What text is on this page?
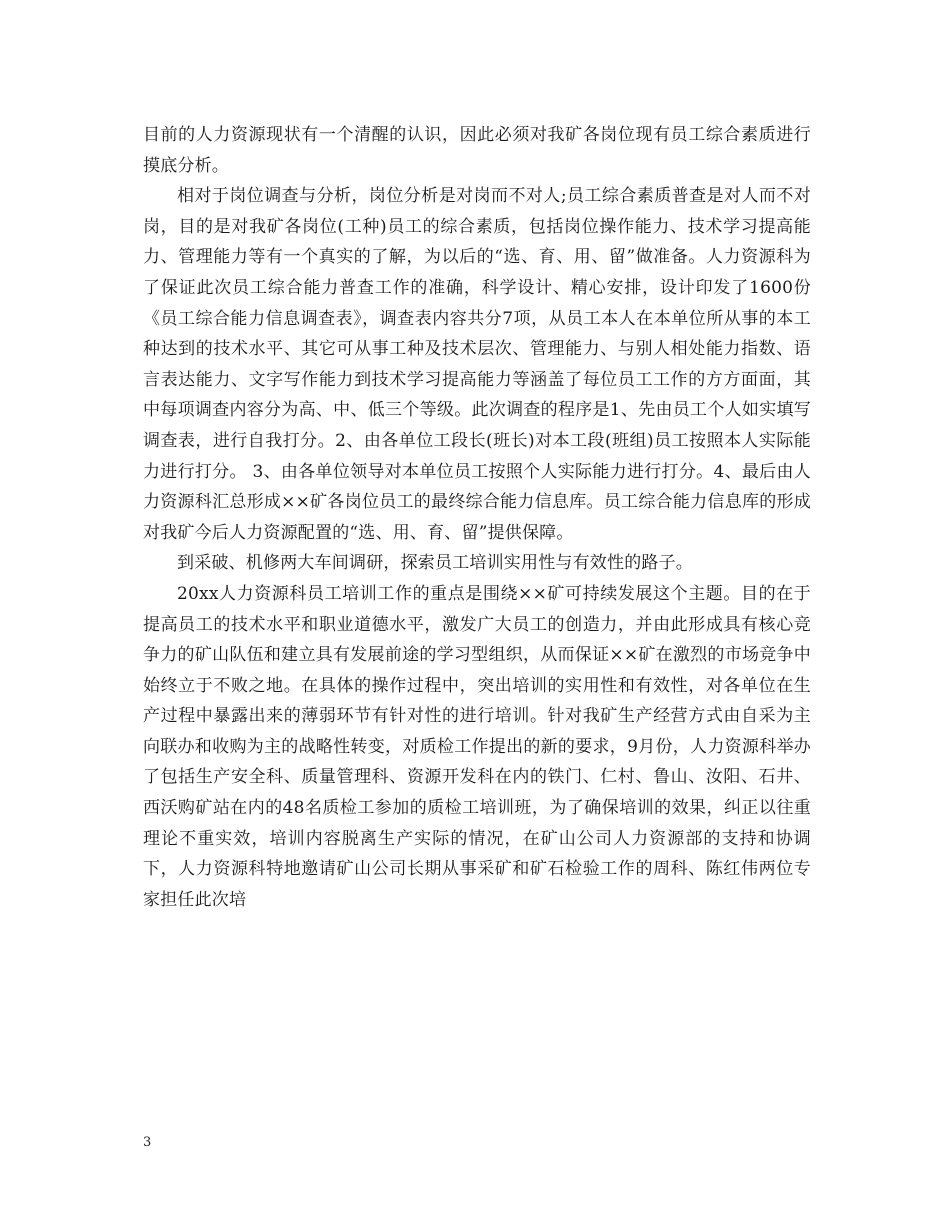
目前的人力资源现状有一个清醒的认识，因此必须对我矿各岗位现有员工综合素质进行摸底分析。

相对于岗位调查与分析，岗位分析是对岗而不对人;员工综合素质普查是对人而不对岗，目的是对我矿各岗位(工种)员工的综合素质，包括岗位操作能力、技术学习提高能力、管理能力等有一个真实的了解，为以后的“选、育、用、留”做准备。人力资源科为了保证此次员工综合能力普查工作的准确，科学设计、精心安排，设计印发了1600份《员工综合能力信息调查表》，调查表内容共分7项，从员工本人在本单位所从事的本工种达到的技术水平、其它可从事工种及技术层次、管理能力、与别人相处能力指数、语言表达能力、文字写作能力到技术学习提高能力等涵盖了每位员工工作的方方面面，其中每项调查内容分为高、中、低三个等级。此次调查的程序是1、先由员工个人如实填写调查表，进行自我打分。2、由各单位工段长(班长)对本工段(班组)员工按照本人实际能力进行打分。 3、由各单位领导对本单位员工按照个人实际能力进行打分。4、最后由人力资源科汇总形成××矿各岗位员工的最终综合能力信息库。员工综合能力信息库的形成对我矿今后人力资源配置的“选、用、育、留”提供保障。

到采破、机修两大车间调研，探索员工培训实用性与有效性的路子。

20xx人力资源科员工培训工作的重点是围绕××矿可持续发展这个主题。目的在于提高员工的技术水平和职业道德水平，激发广大员工的创造力，并由此形成具有核心竞争力的矿山队伍和建立具有发展前途的学习型组织，从而保证××矿在激烈的市场竞争中始终立于不败之地。在具体的操作过程中，突出培训的实用性和有效性，对各单位在生产过程中暴露出来的薄弱环节有针对性的进行培训。针对我矿生产经营方式由自采为主向联办和收购为主的战略性转变，对质检工作提出的新的要求，9月份，人力资源科举办了包括生产安全科、质量管理科、资源开发科在内的铁门、仁村、鲁山、汝阳、石井、西沃购矿站在内的48名质检工参加的质检工培训班，为了确保培训的效果，纠正以往重理论不重实效，培训内容脱离生产实际的情况，在矿山公司人力资源部的支持和协调下，人力资源科特地邀请矿山公司长期从事采矿和矿石检验工作的周科、陈红伟两位专家担任此次培

3
